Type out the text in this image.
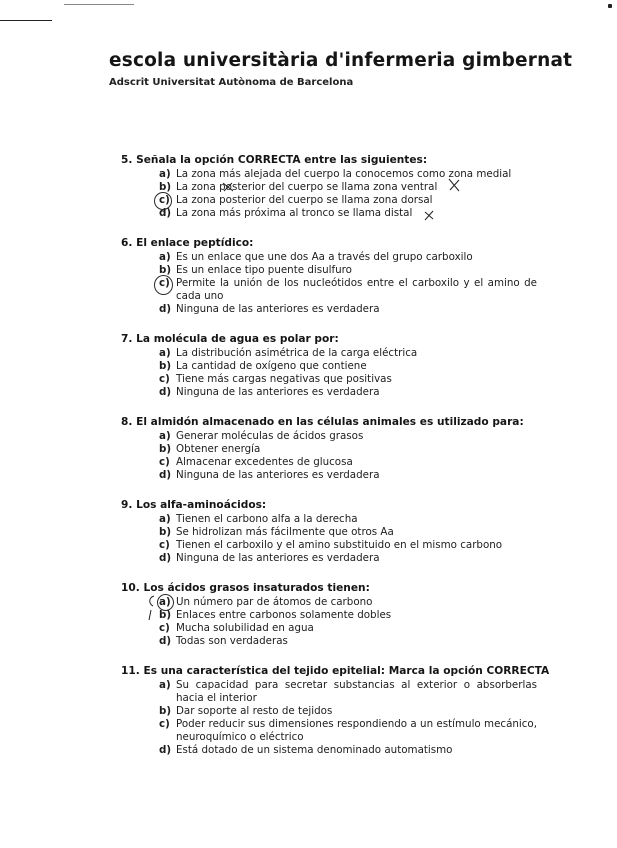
escola universitària d'infermeria gimbernat
Adscrit Universitat Autònoma de Barcelona
5. Señala la opción CORRECTA entre las siguientes:
a) La zona más alejada del cuerpo la conocemos como zona medial
b) La zona posterior del cuerpo se llama zona ventral
c) La zona posterior del cuerpo se llama zona dorsal
d) La zona más próxima al tronco se llama distal
6. El enlace peptídico:
a) Es un enlace que une dos Aa a través del grupo carboxilo
b) Es un enlace tipo puente disulfuro
c) Permite la unión de los nucleótidos entre el carboxilo y el amino de cada uno
d) Ninguna de las anteriores es verdadera
7. La molécula de agua es polar por:
a) La distribución asimétrica de la carga eléctrica
b) La cantidad de oxígeno que contiene
c) Tiene más cargas negativas que positivas
d) Ninguna de las anteriores es verdadera
8. El almidón almacenado en las células animales es utilizado para:
a) Generar moléculas de ácidos grasos
b) Obtener energía
c) Almacenar excedentes de glucosa
d) Ninguna de las anteriores es verdadera
9. Los alfa-aminoácidos:
a) Tienen el carbono alfa a la derecha
b) Se hidrolizan más fácilmente que otros Aa
c) Tienen el carboxilo y el amino substituido en el mismo carbono
d) Ninguna de las anteriores es verdadera
10. Los ácidos grasos insaturados tienen:
a) Un número par de átomos de carbono
b) Enlaces entre carbonos solamente dobles
c) Mucha solubilidad en agua
d) Todas son verdaderas
11. Es una característica del tejido epitelial: Marca la opción CORRECTA
a) Su capacidad para secretar substancias al exterior o absorberlas hacia el interior
b) Dar soporte al resto de tejidos
c) Poder reducir sus dimensiones respondiendo a un estímulo mecánico, neuroquímico o eléctrico
d) Está dotado de un sistema denominado automatismo
